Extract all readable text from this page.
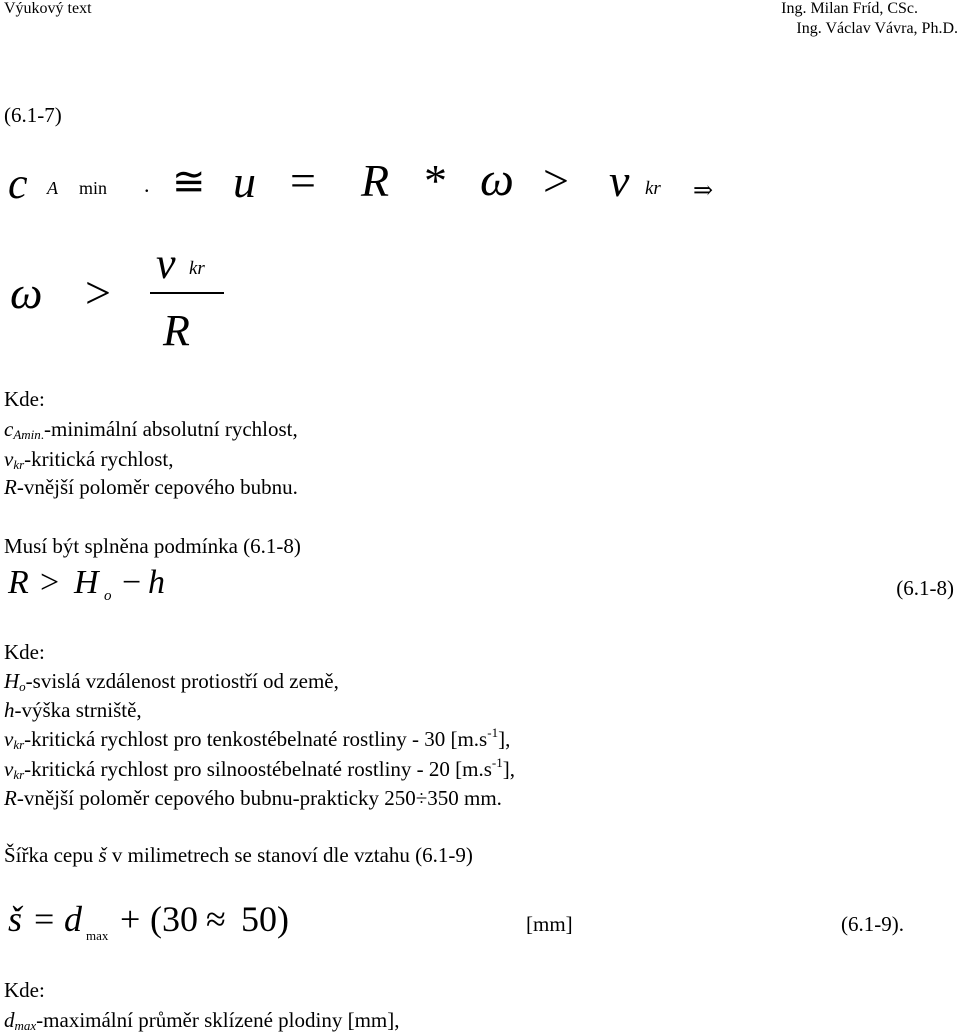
Výukový text	Ing. Milan Fríd, CSc.
Ing. Václav Vávra, Ph.D.
(6.1-7)
c A min . ≅ u = R * ω > v kr ⇒
ω >
v kr
R
Kde:
$c_{Amin.}$-minimální absolutní rychlost,
$v_{kr}$-kritická rychlost,
R-vnější poloměr cepového bubnu.
Musí být splněna podmínka (6.1-8)
R > H o − h	(6.1-8)
Kde:
$H_o$-svislá vzdálenost protiostří od země,
h-výška strniště,
$v_{kr}$-kritická rychlost pro tenkostébelnaté rostliny - 30 $[m.s^{-1}]$,
$v_{kr}$-kritická rychlost pro silnoostébelnaté rostliny - 20 $[m.s^{-1}]$,
R-vnější poloměr cepového bubnu-prakticky 250÷350 mm.
Šířka cepu š v milimetrech se stanoví dle vztahu (6.1-9)
š = d max + (30 ≈ 50)	[mm]	(6.1-9).
Kde:
$d_{max}$-maximální průměr sklízené plodiny [mm],
